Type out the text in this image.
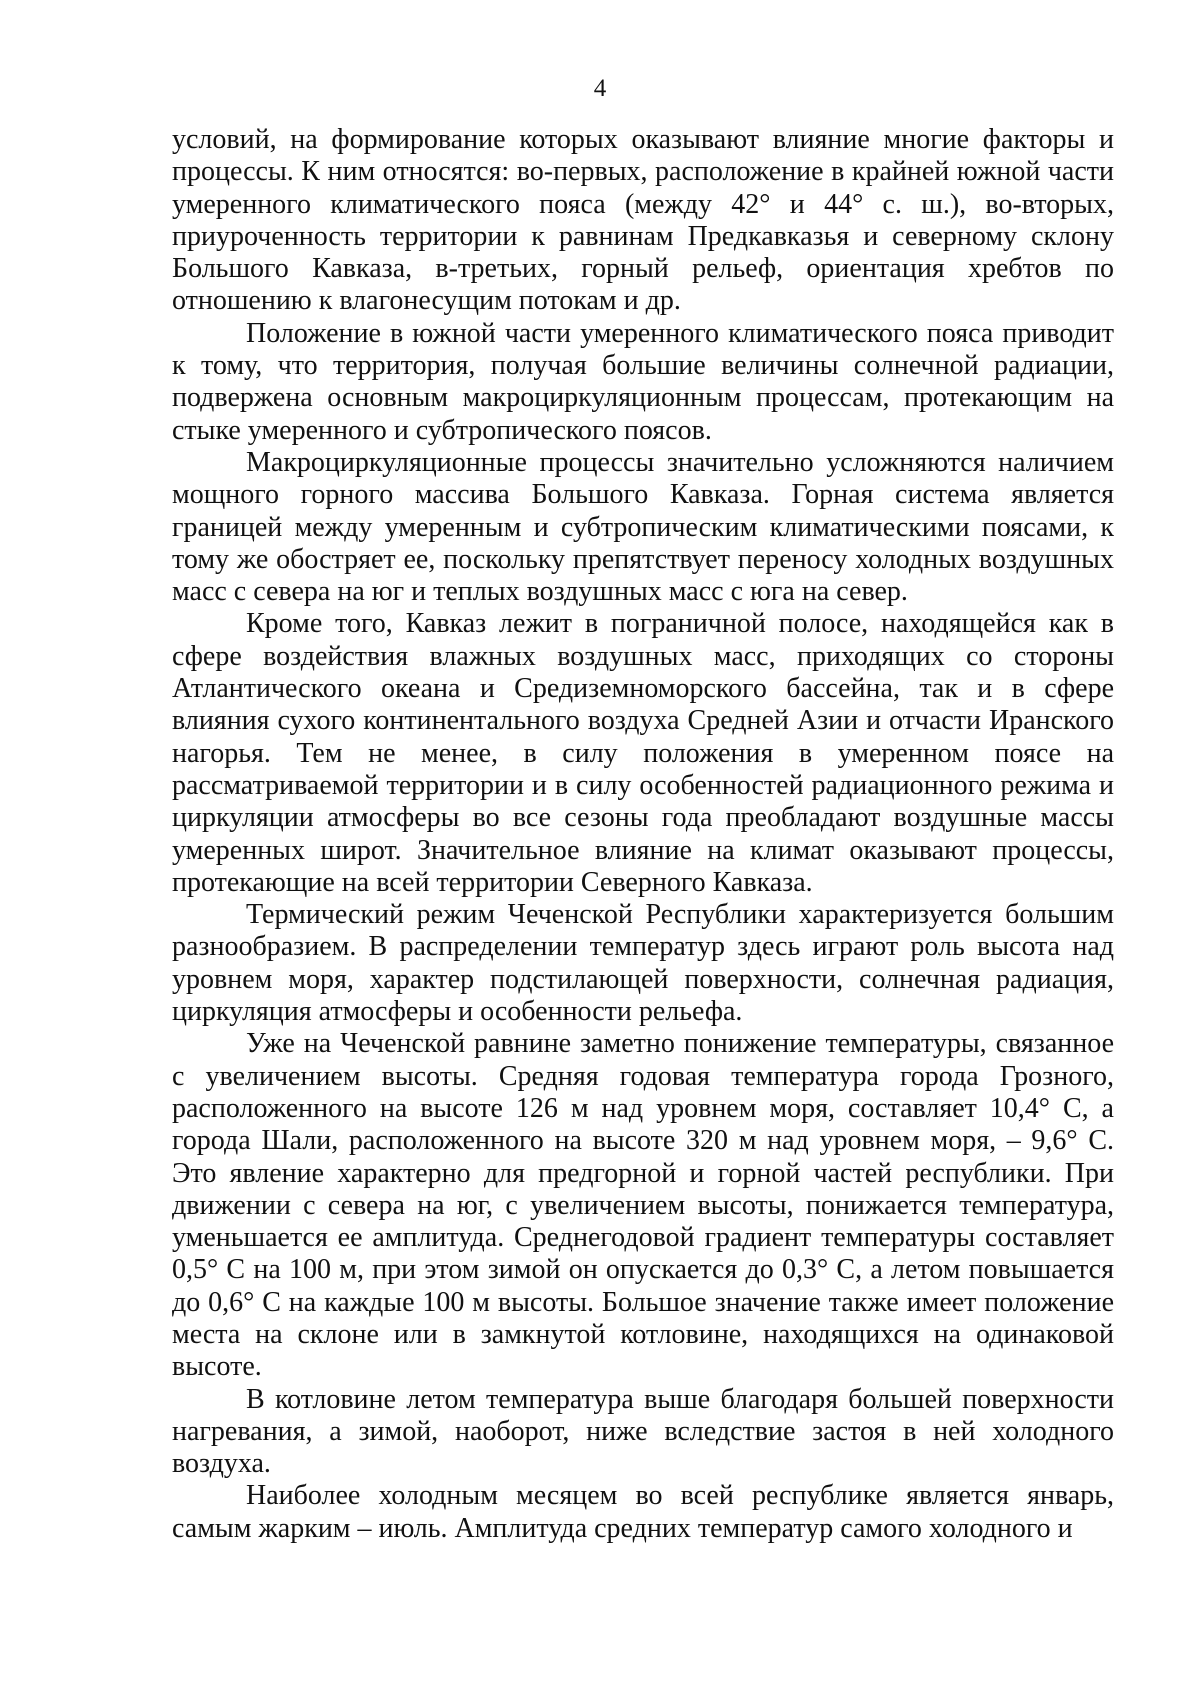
4

условий, на формирование которых оказывают влияние многие факторы и процессы. К ним относятся: во-первых, расположение в крайней южной части умеренного климатического пояса (между 42° и 44° с. ш.), во-вторых, приуроченность территории к равнинам Предкавказья и северному склону Большого Кавказа, в-третьих, горный рельеф, ориентация хребтов по отношению к влагонесущим потокам и др.

Положение в южной части умеренного климатического пояса приводит к тому, что территория, получая большие величины солнечной радиации, подвержена основным макроциркуляционным процессам, протекающим на стыке умеренного и субтропического поясов.

Макроциркуляционные процессы значительно усложняются наличием мощного горного массива Большого Кавказа. Горная система является границей между умеренным и субтропическим климатическими поясами, к тому же обостряет ее, поскольку препятствует переносу холодных воздушных масс с севера на юг и теплых воздушных масс с юга на север.

Кроме того, Кавказ лежит в пограничной полосе, находящейся как в сфере воздействия влажных воздушных масс, приходящих со стороны Атлантического океана и Средиземноморского бассейна, так и в сфере влияния сухого континентального воздуха Средней Азии и отчасти Иранского нагорья. Тем не менее, в силу положения в умеренном поясе на рассматриваемой территории и в силу особенностей радиационного режима и циркуляции атмосферы во все сезоны года преобладают воздушные массы умеренных широт. Значительное влияние на климат оказывают процессы, протекающие на всей территории Северного Кавказа.

Термический режим Чеченской Республики характеризуется большим разнообразием. В распределении температур здесь играют роль высота над уровнем моря, характер подстилающей поверхности, солнечная радиация, циркуляция атмосферы и особенности рельефа.

Уже на Чеченской равнине заметно понижение температуры, связанное с увеличением высоты. Средняя годовая температура города Грозного, расположенного на высоте 126 м над уровнем моря, составляет 10,4° С, а города Шали, расположенного на высоте 320 м над уровнем моря, – 9,6° С. Это явление характерно для предгорной и горной частей республики. При движении с севера на юг, с увеличением высоты, понижается температура, уменьшается ее амплитуда. Среднегодовой градиент температуры составляет 0,5° С на 100 м, при этом зимой он опускается до 0,3° С, а летом повышается до 0,6° С на каждые 100 м высоты. Большое значение также имеет положение места на склоне или в замкнутой котловине, находящихся на одинаковой высоте.

В котловине летом температура выше благодаря большей поверхности нагревания, а зимой, наоборот, ниже вследствие застоя в ней холодного воздуха.

Наиболее холодным месяцем во всей республике является январь, самым жарким – июль. Амплитуда средних температур самого холодного и
